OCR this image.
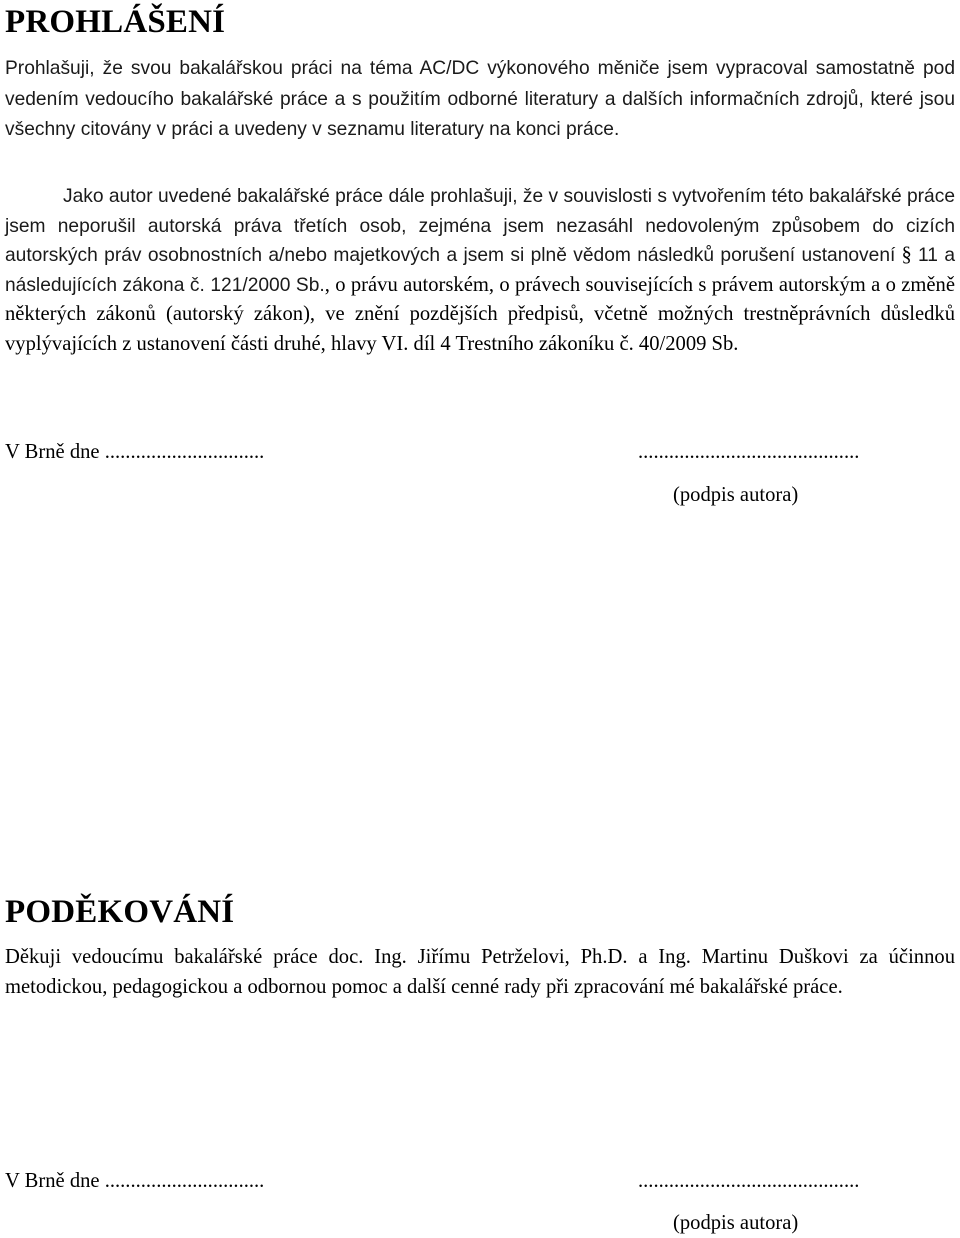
PROHLÁŠENÍ

Prohlašuji, že svou bakalářskou práci na téma AC/DC výkonového měniče jsem vypracoval samostatně pod vedením vedoucího bakalářské práce a s použitím odborné literatury a dalších informačních zdrojů, které jsou všechny citovány v práci a uvedeny v seznamu literatury na konci práce.

Jako autor uvedené bakalářské práce dále prohlašuji, že v souvislosti s vytvořením této bakalářské práce jsem neporušil autorská práva třetích osob, zejména jsem nezasáhl nedovoleným způsobem do cizích autorských práv osobnostních a/nebo majetkových a jsem si plně vědom následků porušení ustanovení § 11 a následujících zákona č. 121/2000 Sb., o právu autorském, o právech souvisejících s právem autorským a o změně některých zákonů (autorský zákon), ve znění pozdějších předpisů, včetně možných trestněprávních důsledků vyplývajících z ustanovení části druhé, hlavy VI. díl 4 Trestního zákoníku č. 40/2009 Sb.

V Brně dne ...............................	...........................................
(podpis autora)
PODĚKOVÁNÍ

Děkuji vedoucímu bakalářské práce doc. Ing. Jiřímu Petrželovi, Ph.D. a Ing. Martinu Duškovi za účinnou metodickou, pedagogickou a odbornou pomoc a další cenné rady při zpracování mé bakalářské práce.

V Brně dne ...............................	...........................................
(podpis autora)
